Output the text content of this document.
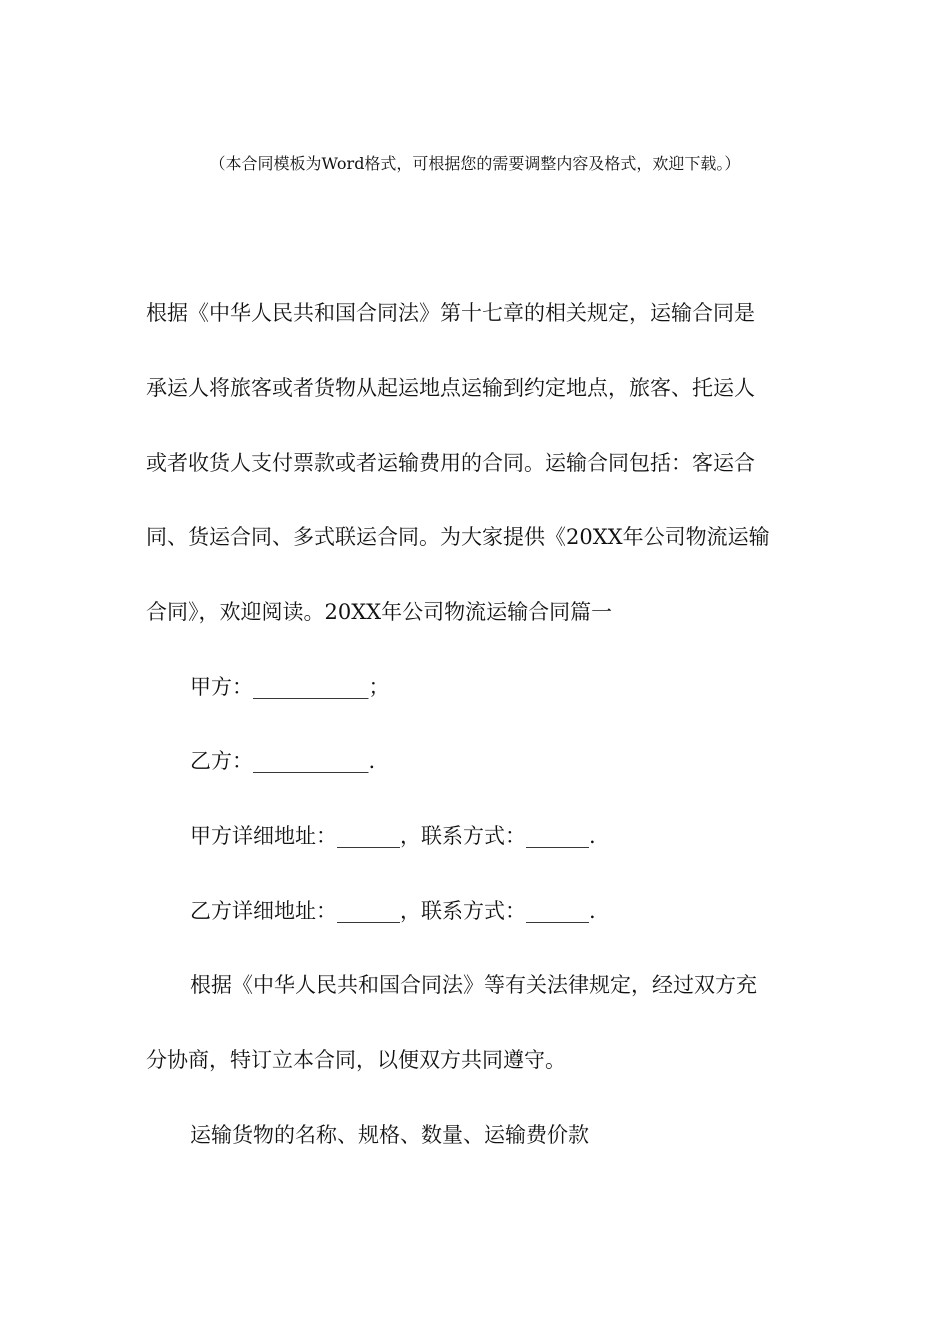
（本合同模板为Word格式，可根据您的需要调整内容及格式，欢迎下载。）
根据《中华人民共和国合同法》第十七章的相关规定，运输合同是
承运人将旅客或者货物从起运地点运输到约定地点，旅客、托运人
或者收货人支付票款或者运输费用的合同。运输合同包括：客运合
同、货运合同、多式联运合同。为大家提供《20XX年公司物流运输
合同》，欢迎阅读。20XX年公司物流运输合同篇一
甲方：___________；
乙方：___________.
甲方详细地址：______，联系方式：______.
乙方详细地址：______，联系方式：______.
根据《中华人民共和国合同法》等有关法律规定，经过双方充
分协商，特订立本合同，以便双方共同遵守。
运输货物的名称、规格、数量、运输费价款
